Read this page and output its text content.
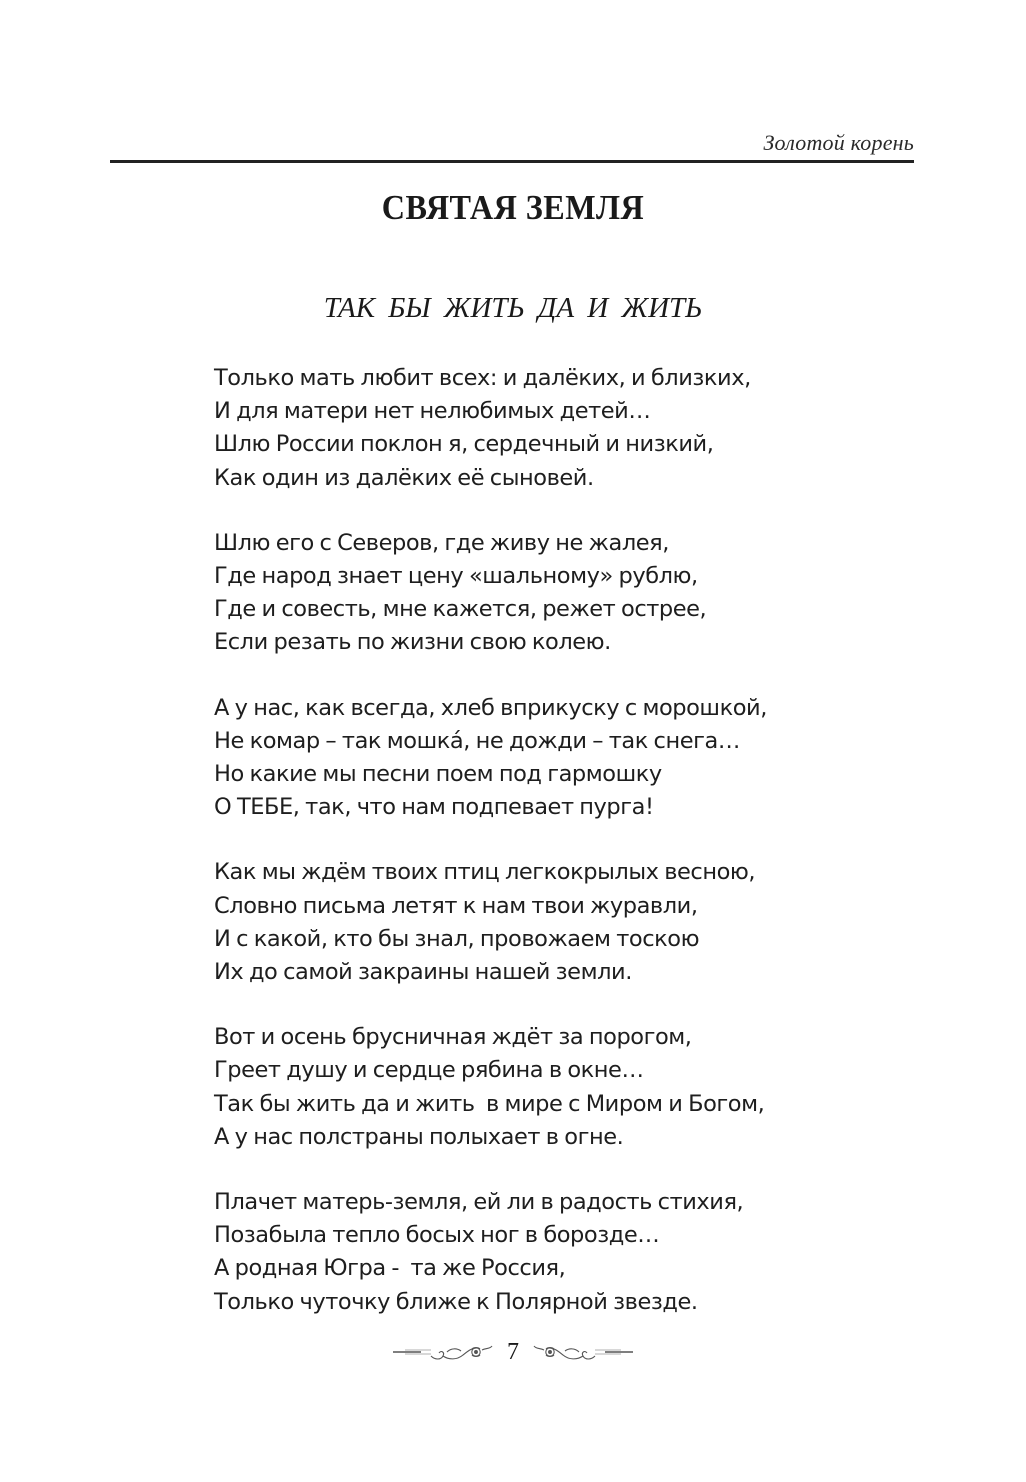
Золотой корень
СВЯТАЯ ЗЕМЛЯ
ТАК БЫ ЖИТЬ ДА И ЖИТЬ
Только мать любит всех: и далёких, и близких,
И для матери нет нелюбимых детей…
Шлю России поклон я, сердечный и низкий,
Как один из далёких её сыновей.
Шлю его с Северов, где живу не жалея,
Где народ знает цену «шальному» рублю,
Где и совесть, мне кажется, режет острее,
Если резать по жизни свою колею.
А у нас, как всегда, хлеб вприкуску с морошкой,
Не комар – так мошка́, не дожди – так снега…
Но какие мы песни поем под гармошку
О ТЕБЕ, так, что нам подпевает пурга!
Как мы ждём твоих птиц легкокрылых весною,
Словно письма летят к нам твои журавли,
И с какой, кто бы знал, провожаем тоскою
Их до самой закраины нашей земли.
Вот и осень брусничная ждёт за порогом,
Греет душу и сердце рябина в окне…
Так бы жить да и жить  в мире с Миром и Богом,
А у нас полстраны полыхает в огне.
Плачет матерь-земля, ей ли в радость стихия,
Позабыла тепло босых ног в борозде…
А родная Югра -  та же Россия,
Только чуточку ближе к Полярной звезде.
7
